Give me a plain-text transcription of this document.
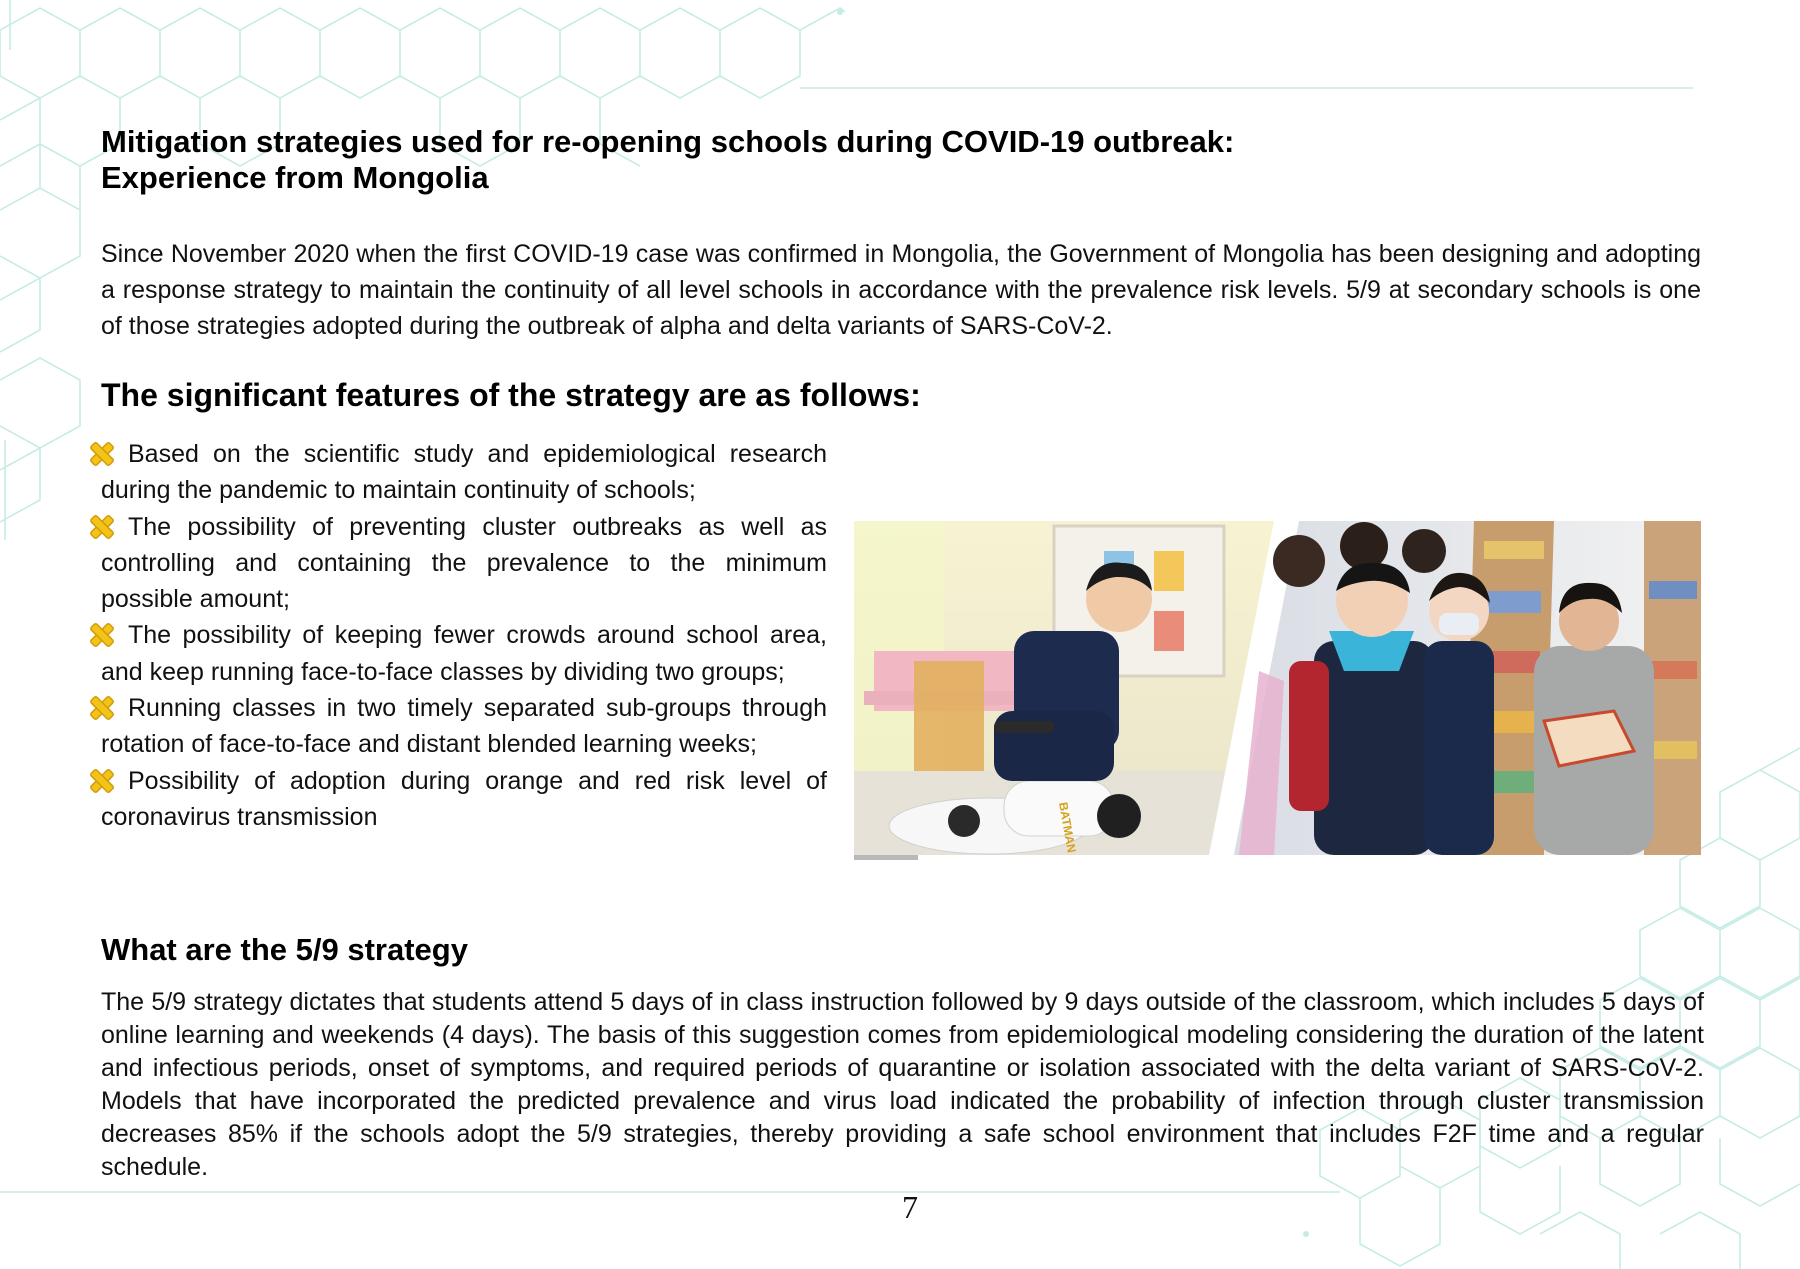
Mitigation strategies used for re-opening schools during COVID-19 outbreak:
Experience from Mongolia

Since November 2020 when the first COVID-19 case was confirmed in Mongolia, the Government of Mongolia has been designing and adopting a response strategy to maintain the continuity of all level schools in accordance with the prevalence risk levels. 5/9 at secondary schools is one of those strategies adopted during the outbreak of alpha and delta variants of SARS-CoV-2.

The significant features of the strategy are as follows:
Based on the scientific study and epidemiological research during the pandemic to maintain continuity of schools;
The possibility of preventing cluster outbreaks as well as controlling and containing the prevalence to the minimum possible amount;
The possibility of keeping fewer crowds around school area, and keep running face-to-face classes by dividing two groups;
Running classes in two timely separated sub-groups through rotation of face-to-face and distant blended learning weeks;
Possibility of adoption during orange and red risk level of coronavirus transmission	BATMAN
What are the 5/9 strategy

The 5/9 strategy dictates that students attend 5 days of in class instruction followed by 9 days outside of the classroom, which includes 5 days of online learning and weekends (4 days). The basis of this suggestion comes from epidemiological modeling considering the duration of the latent and infectious periods, onset of symptoms, and required periods of quarantine or isolation associated with the delta variant of SARS-CoV-2. Models that have incorporated the predicted prevalence and virus load indicated the probability of infection through cluster transmission decreases 85% if the schools adopt the 5/9 strategies, thereby providing a safe school environment that includes F2F time and a regular schedule.

7
